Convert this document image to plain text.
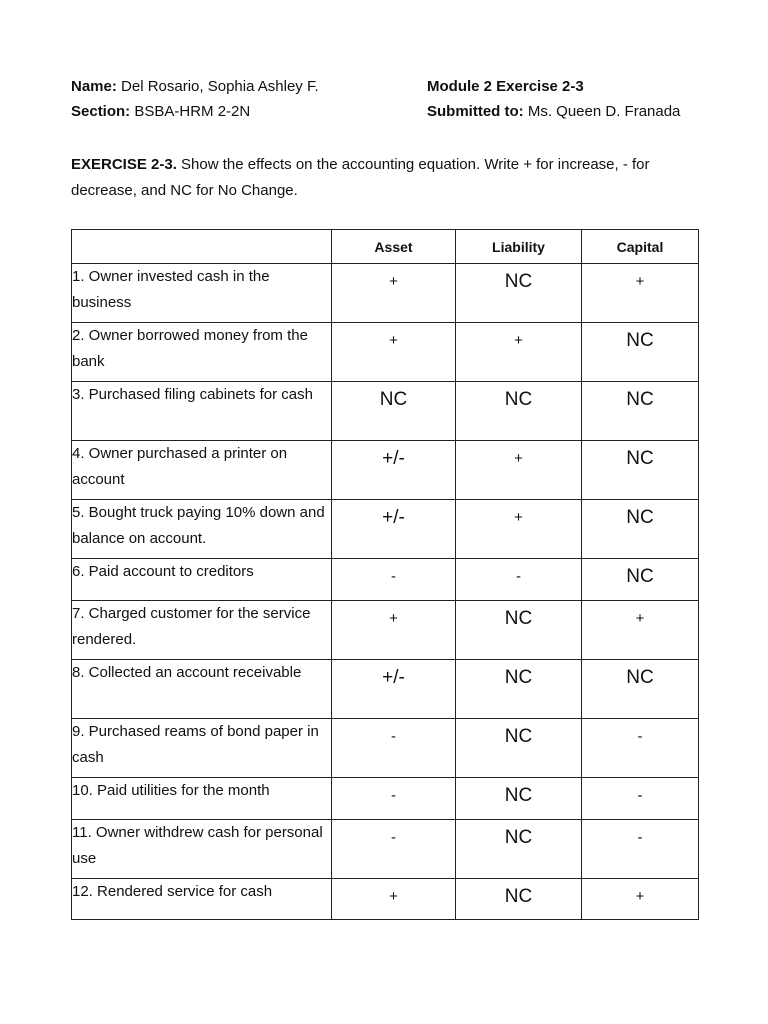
Name: Del Rosario, Sophia Ashley F.
Section: BSBA-HRM 2-2N
Module 2 Exercise 2-3
Submitted to: Ms. Queen D. Franada
EXERCISE 2-3. Show the effects on the accounting equation. Write + for increase, - for decrease, and NC for No Change.
	Asset	Liability	Capital
1. Owner invested cash in the business	+	NC	+

2. Owner borrowed money from the bank	+	+	NC

3. Purchased filing cabinets for cash	NC	NC	NC

4. Owner purchased a printer on account	+/-	+	NC

5. Bought truck paying 10% down and balance on account.	+/-	+	NC

6. Paid account to creditors	-	-	NC

7. Charged customer for the service rendered.	+	NC	+

8. Collected an account receivable	+/-	NC	NC

9. Purchased reams of bond paper in cash	-	NC	-

10. Paid utilities for the month	-	NC	-

11. Owner withdrew cash for personal use	-	NC	-

12. Rendered service for cash	+	NC	+
